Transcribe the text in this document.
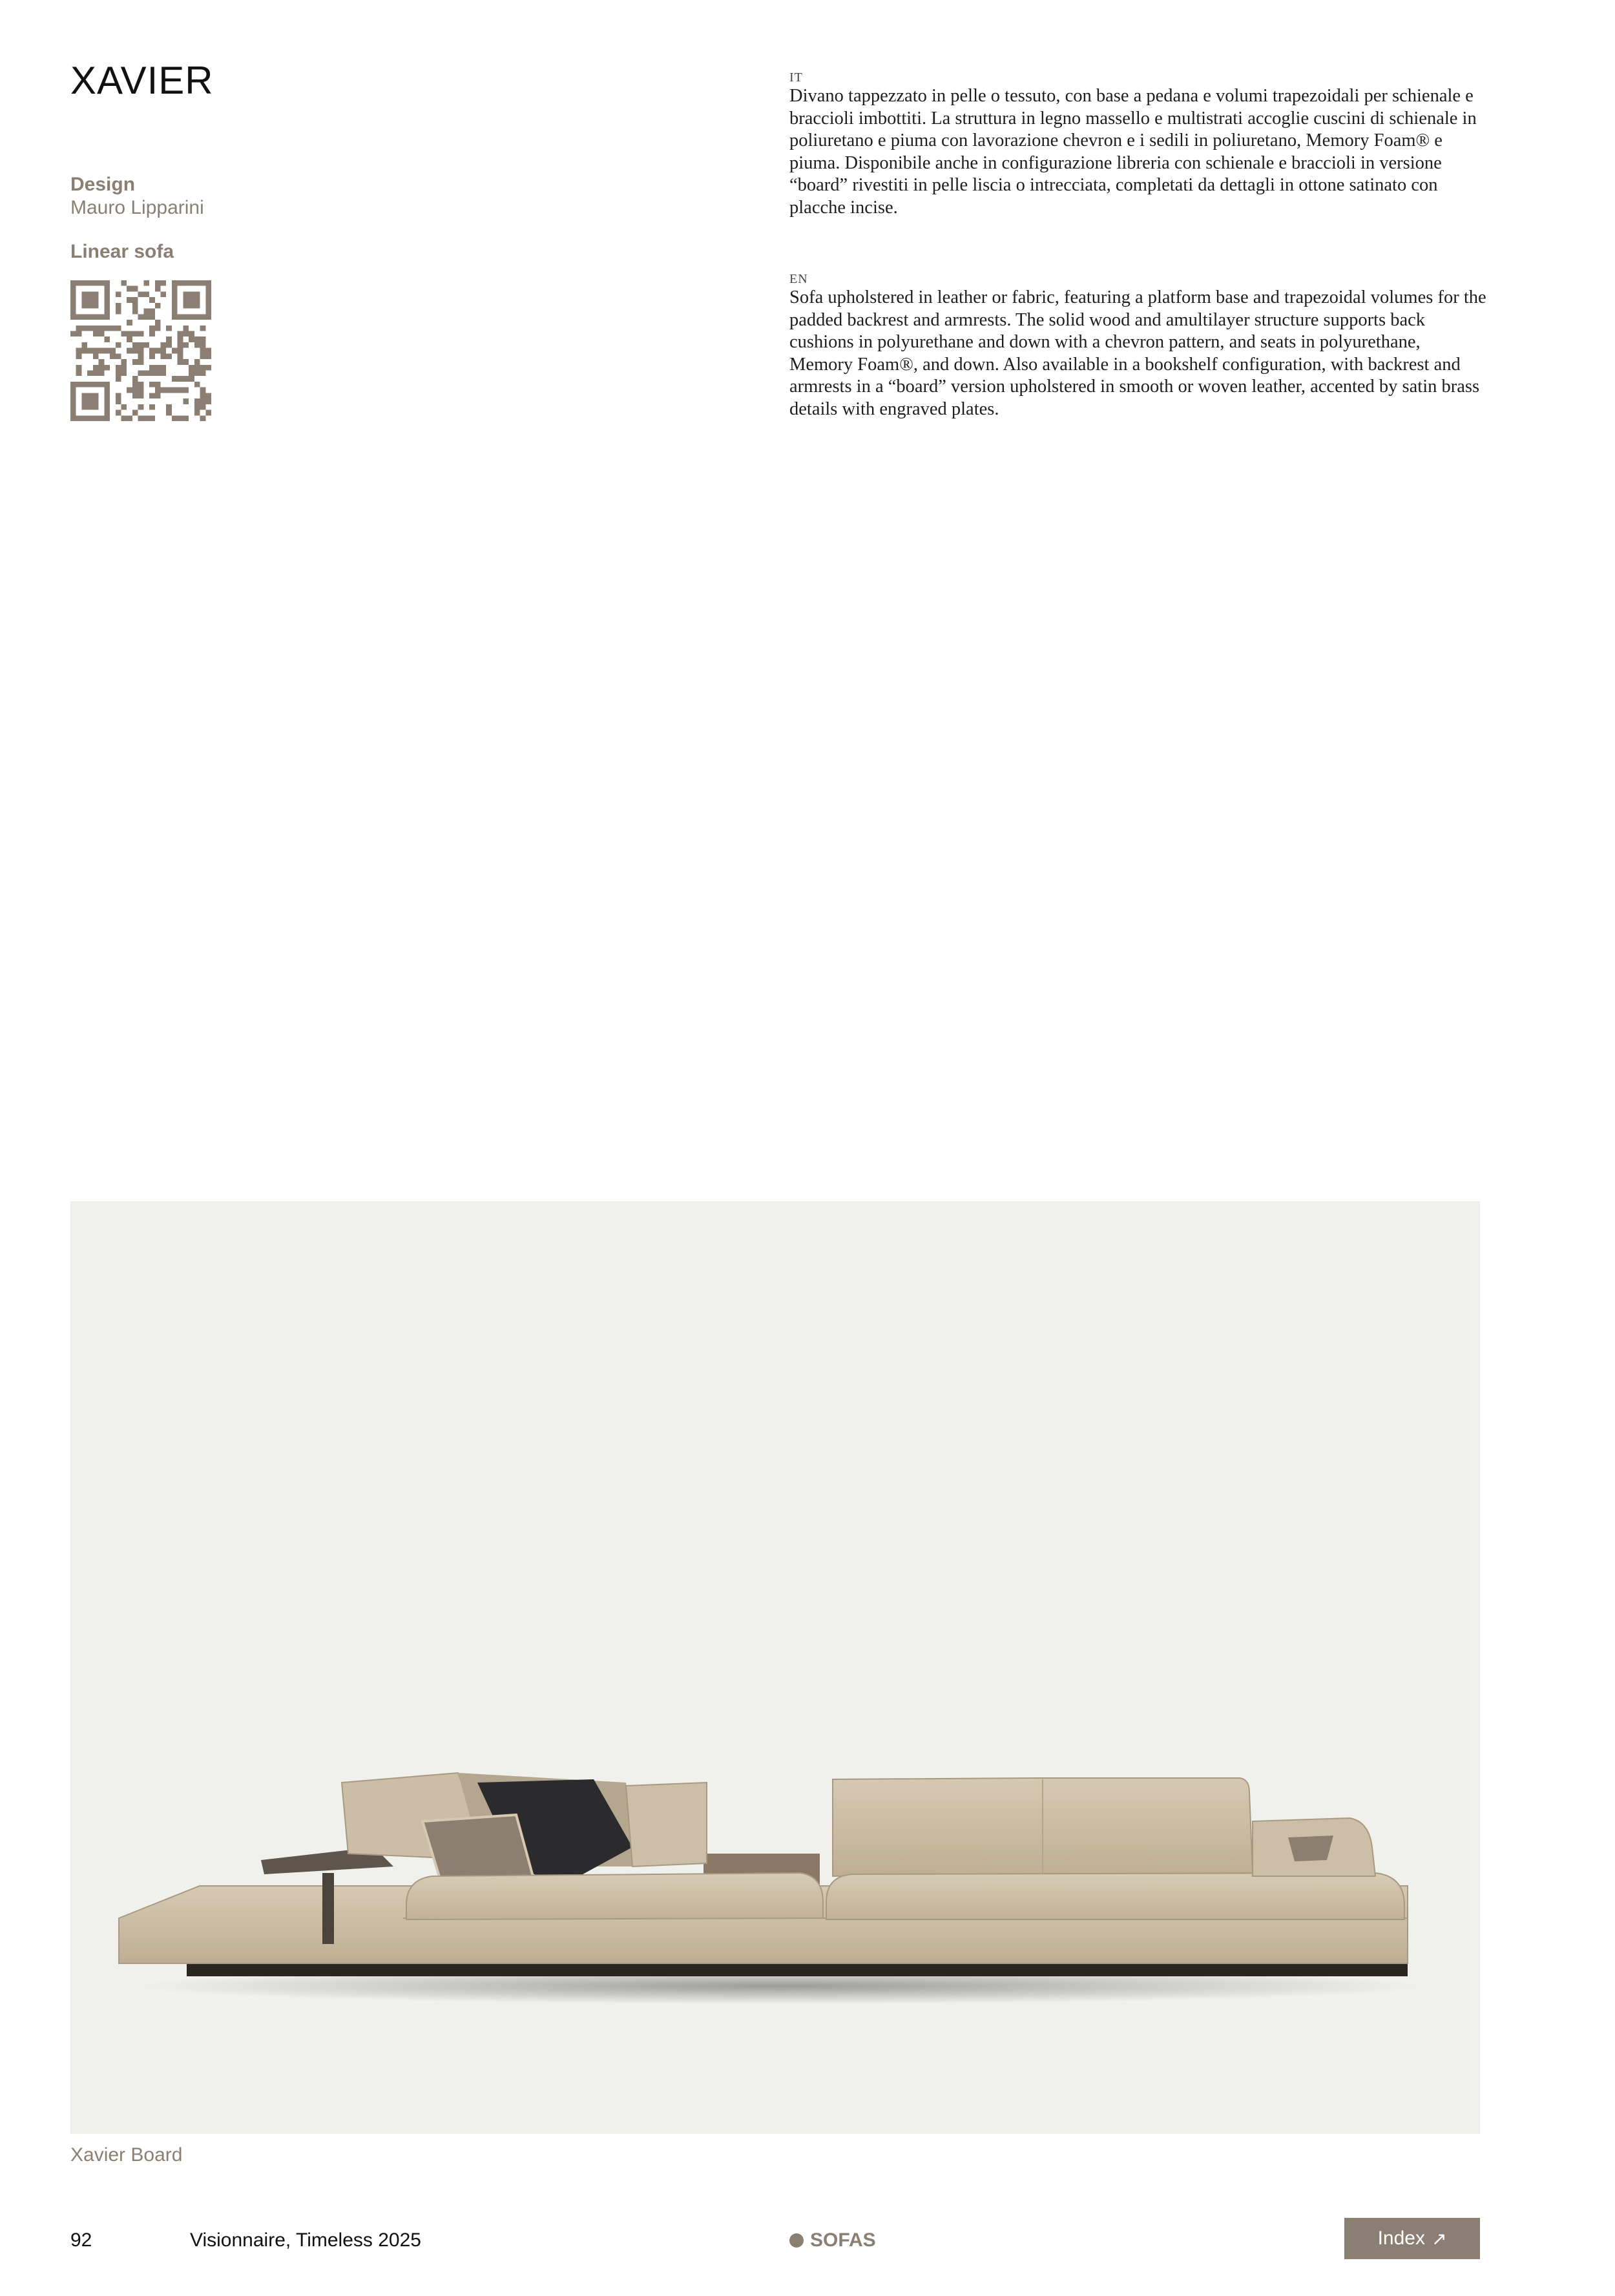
XAVIER
Design
Mauro Lipparini
Linear sofa
IT

Divano tappezzato in pelle o tessuto, con base a pedana e volumi trapezoidali per schienale e braccioli imbottiti. La struttura in legno massello e multistrati accoglie cuscini di schienale in poliuretano e piuma con lavorazione chevron e i sedili in poliuretano, Memory Foam® e piuma. Disponibile anche in configurazione libreria con schienale e braccioli in versione “board” rivestiti in pelle liscia o intrecciata, completati da dettagli in ottone satinato con placche incise.

EN

Sofa upholstered in leather or fabric, featuring a platform base and trapezoidal volumes for the padded backrest and armrests. The solid wood and amultilayer structure supports back cushions in polyurethane and down with a chevron pattern, and seats in polyurethane, Memory Foam®, and down. Also available in a bookshelf configuration, with backrest and armrests in a “board” version upholstered in smooth or woven leather, accented by satin brass details with engraved plates.

Xavier Board
92	Visionnaire, Timeless 2025	SOFAS	Index ↗
